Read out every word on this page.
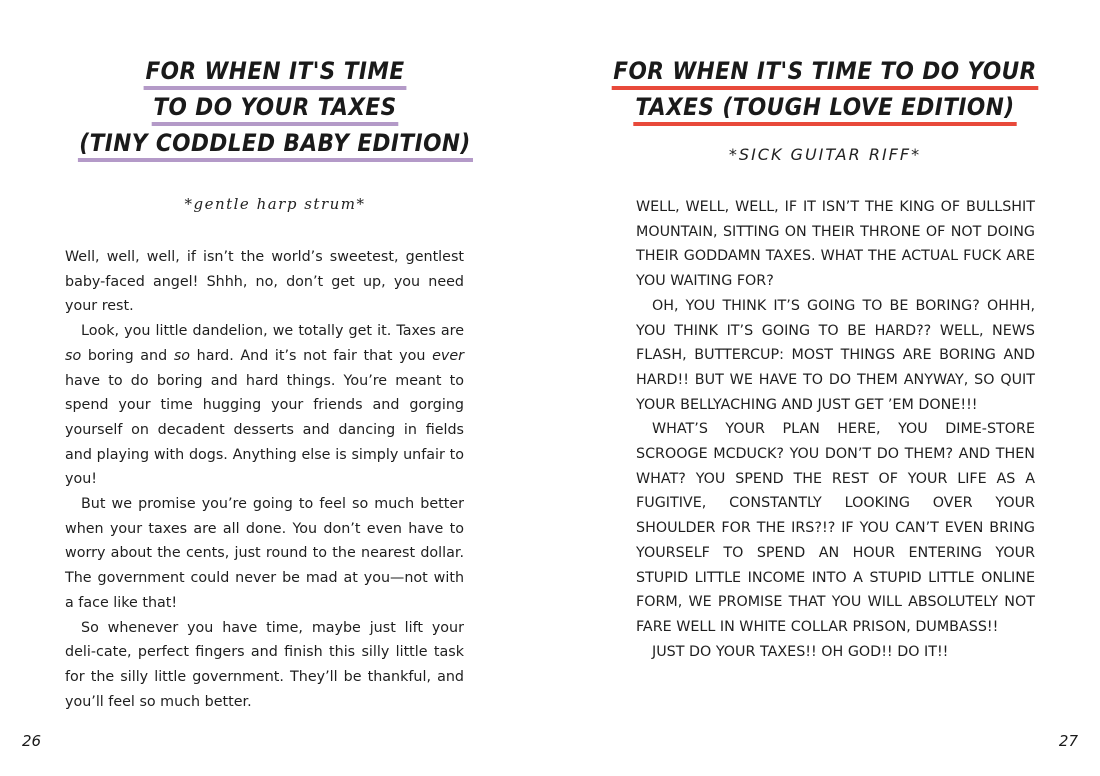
FOR WHEN IT'S TIME
TO DO YOUR TAXES
(TINY CODDLED BABY EDITION)
*gentle harp strum*

Well, well, well, if isn’t the world’s sweetest, gentlest baby-faced angel! Shhh, no, don’t get up, you need your rest.

Look, you little dandelion, we totally get it. Taxes are so boring and so hard. And it’s not fair that you ever have to do boring and hard things. You’re meant to spend your time hugging your friends and gorging yourself on decadent desserts and dancing in fields and playing with dogs. Anything else is simply unfair to you!

But we promise you’re going to feel so much better when your taxes are all done. You don’t even have to worry about the cents, just round to the nearest dollar. The government could never be mad at you—not with a face like that!

So whenever you have time, maybe just lift your deli-cate, perfect fingers and finish this silly little task for the silly little government. They’ll be thankful, and you’ll feel so much better.

26
FOR WHEN IT'S TIME TO DO YOUR
TAXES (TOUGH LOVE EDITION)
*SICK GUITAR RIFF*

WELL, WELL, WELL, IF IT ISN’T THE KING OF BULLSHIT MOUNTAIN, SITTING ON THEIR THRONE OF NOT DOING THEIR GODDAMN TAXES. WHAT THE ACTUAL FUCK ARE YOU WAITING FOR?

OH, YOU THINK IT’S GOING TO BE BORING? OHHH, YOU THINK IT’S GOING TO BE HARD?? WELL, NEWS FLASH, BUTTERCUP: MOST THINGS ARE BORING AND HARD!! BUT WE HAVE TO DO THEM ANYWAY, SO QUIT YOUR BELLYACHING AND JUST GET ’EM DONE!!!

WHAT’S YOUR PLAN HERE, YOU DIME-STORE SCROOGE MCDUCK? YOU DON’T DO THEM? AND THEN WHAT? YOU SPEND THE REST OF YOUR LIFE AS A FUGITIVE, CONSTANTLY LOOKING OVER YOUR SHOULDER FOR THE IRS?!? IF YOU CAN’T EVEN BRING YOURSELF TO SPEND AN HOUR ENTERING YOUR STUPID LITTLE INCOME INTO A STUPID LITTLE ONLINE FORM, WE PROMISE THAT YOU WILL ABSOLUTELY NOT FARE WELL IN WHITE COLLAR PRISON, DUMBASS!!

JUST DO YOUR TAXES!! OH GOD!! DO IT!!

27
